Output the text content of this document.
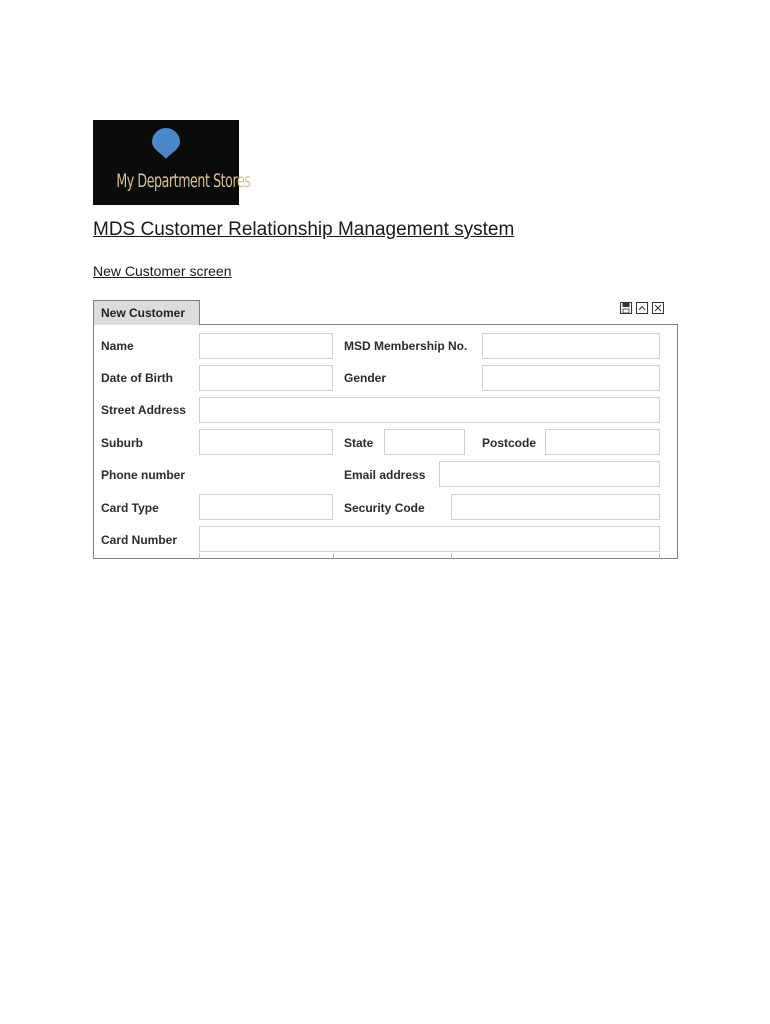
My Department Stores
MDS Customer Relationship Management system
New Customer screen
New Customer
Name	MSD Membership No.
Date of Birth	Gender
Street Address
Suburb	State	Postcode
Phone number	Email address
Card Type	Security Code
Card Number
